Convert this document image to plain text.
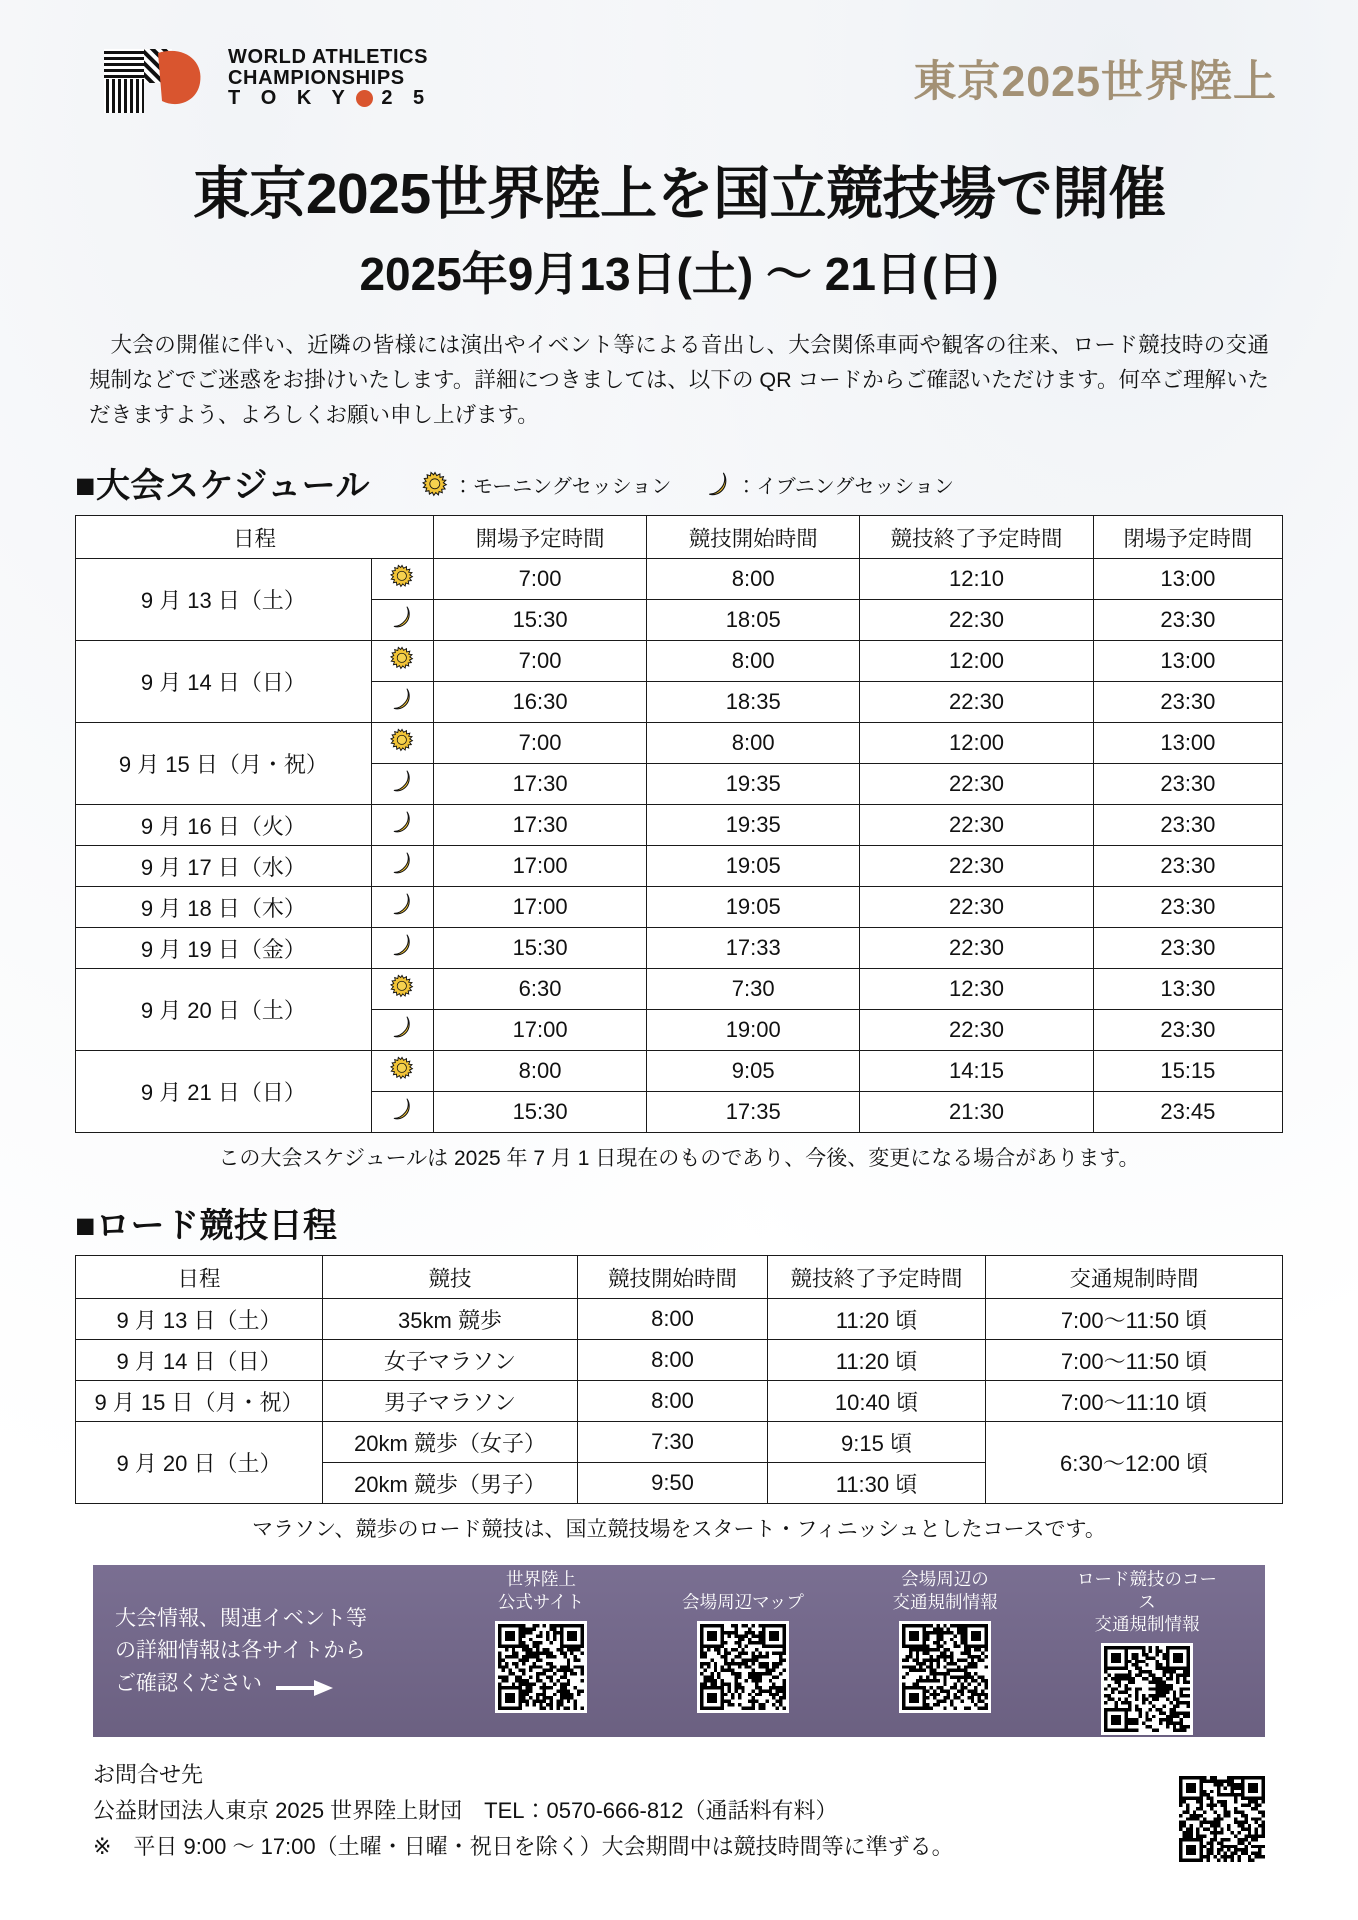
WORLD ATHLETICS
CHAMPIONSHIPS
T O K Y 2 5	東京2025世界陸上
東京2025世界陸上を国立競技場で開催
2025年9月13日(土) ～ 21日(日)

大会の開催に伴い、近隣の皆様には演出やイベント等による音出し、大会関係車両や観客の往来、ロード競技時の交通規制などでご迷惑をお掛けいたします。詳細につきましては、以下の QR コードからご確認いただけます。何卒ご理解いただきますよう、よろしくお願い申し上げます。

■大会スケジュール	：モーニングセッション	：イブニングセッション
日程		開場予定時間	競技開始時間	競技終了予定時間	閉場予定時間
9 月 13 日（土）		7:00	8:00	12:10	13:00
	15:30	18:05	22:30	23:30
9 月 14 日（日）		7:00	8:00	12:00	13:00
	16:30	18:35	22:30	23:30
9 月 15 日（月・祝）		7:00	8:00	12:00	13:00
	17:30	19:35	22:30	23:30
9 月 16 日（火）		17:30	19:35	22:30	23:30
9 月 17 日（水）		17:00	19:05	22:30	23:30
9 月 18 日（木）		17:00	19:05	22:30	23:30
9 月 19 日（金）		15:30	17:33	22:30	23:30
9 月 20 日（土）		6:30	7:30	12:30	13:30
	17:00	19:00	22:30	23:30
9 月 21 日（日）		8:00	9:05	14:15	15:15
	15:30	17:35	21:30	23:45
この大会スケジュールは 2025 年 7 月 1 日現在のものであり、今後、変更になる場合があります。
■ロード競技日程
日程	競技	競技開始時間	競技終了予定時間	交通規制時間
9 月 13 日（土）	35km 競歩	8:00	11:20 頃	7:00～11:50 頃
9 月 14 日（日）	女子マラソン	8:00	11:20 頃	7:00～11:50 頃
9 月 15 日（月・祝）	男子マラソン	8:00	10:40 頃	7:00～11:10 頃
9 月 20 日（土）	20km 競歩（女子）	7:30	9:15 頃	6:30～12:00 頃
	20km 競歩（男子）	9:50	11:30 頃	
マラソン、競歩のロード競技は、国立競技場をスタート・フィニッシュとしたコースです。
大会情報、関連イベント等
の詳細情報は各サイトから
ご確認ください
世界陸上
公式サイト	会場周辺マップ
会場周辺の
交通規制情報
ロード競技のコース
交通規制情報
お問合せ先
公益財団法人東京 2025 世界陸上財団　TEL：0570-666-812（通話料有料）
※　平日 9:00 ～ 17:00（土曜・日曜・祝日を除く）大会期間中は競技時間等に準ずる。
